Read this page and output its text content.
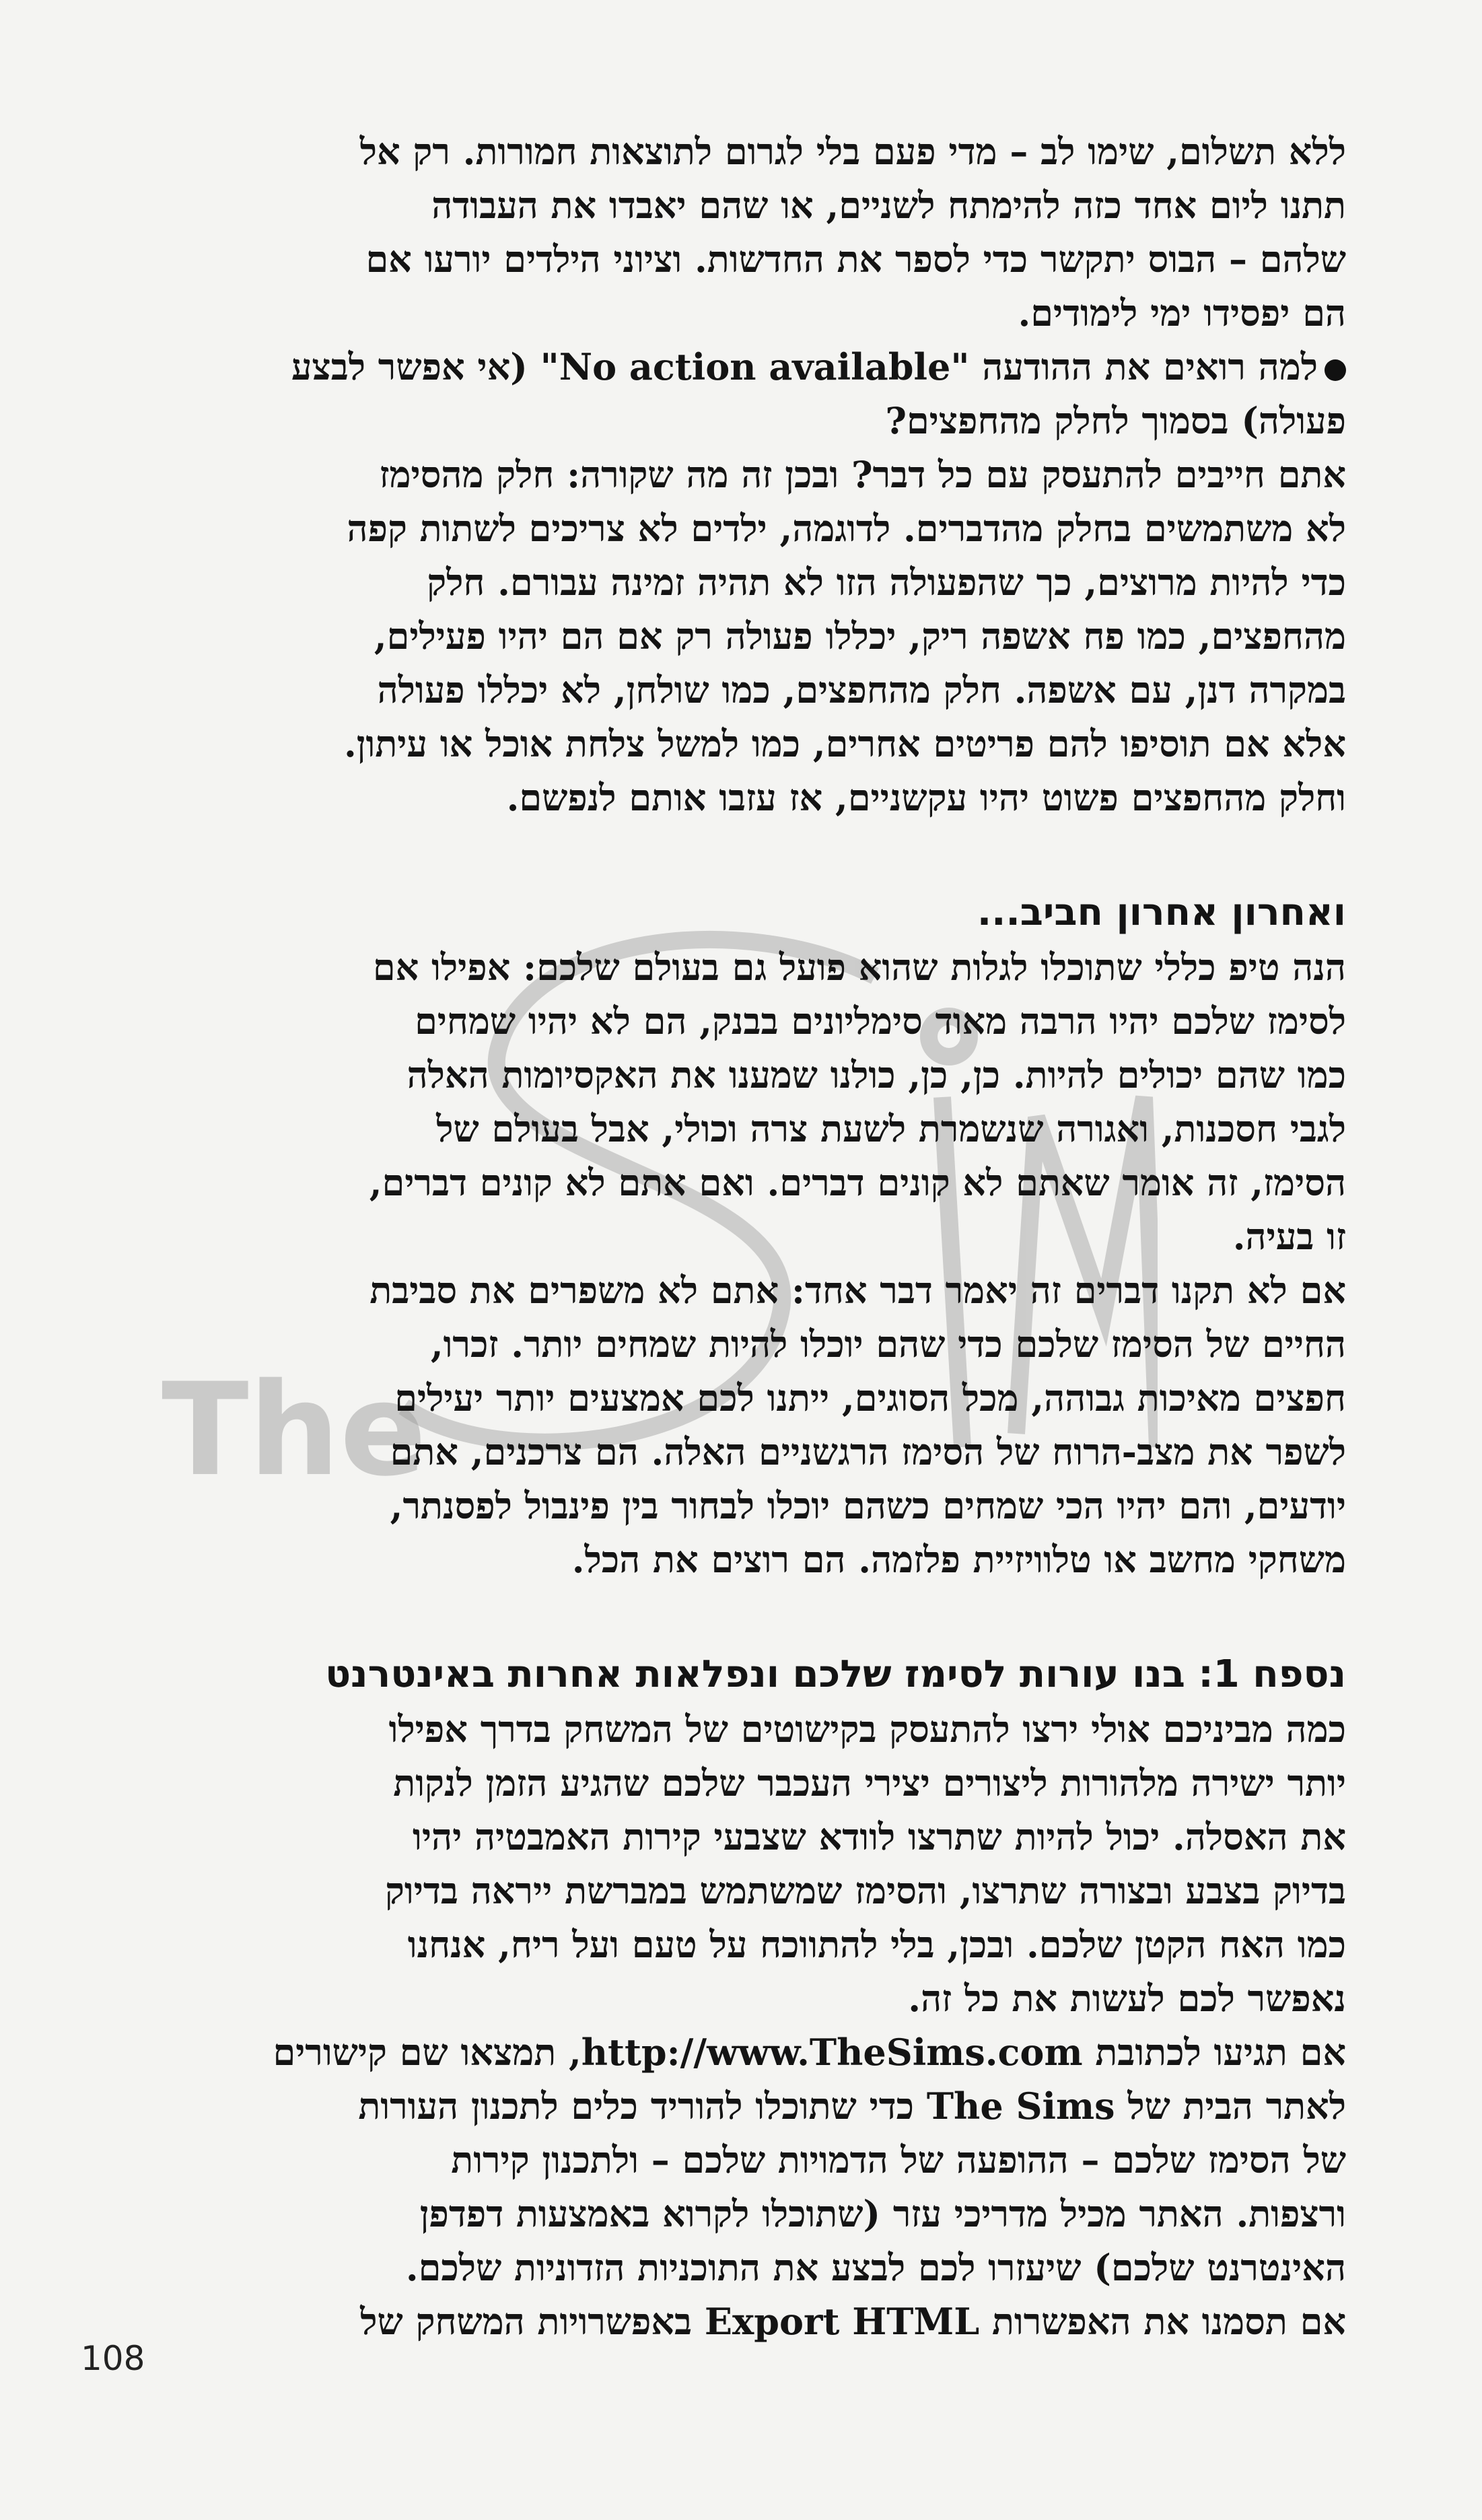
The
ללא תשלום, שימו לב – מדי פעם בלי לגרום לתוצאות חמורות. רק אל
תתנו ליום אחד כזה להימתח לשניים, או שהם יאבדו את העבודה
שלהם – הבוס יתקשר כדי לספר את החדשות. וציוני הילדים יורעו אם
הם יפסידו ימי לימודים.
למה רואים את ההודעה "No action available" (אי אפשר לבצע
פעולה) בסמוך לחלק מהחפצים?
אתם חייבים להתעסק עם כל דבר? ובכן זה מה שקורה: חלק מהסימז
לא משתמשים בחלק מהדברים. לדוגמה, ילדים לא צריכים לשתות קפה
כדי להיות מרוצים, כך שהפעולה הזו לא תהיה זמינה עבורם. חלק
מהחפצים, כמו פח אשפה ריק, יכללו פעולה רק אם הם יהיו פעילים,
במקרה דנן, עם אשפה. חלק מהחפצים, כמו שולחן, לא יכללו פעולה
אלא אם תוסיפו להם פריטים אחרים, כמו למשל צלחת אוכל או עיתון.
וחלק מהחפצים פשוט יהיו עקשניים, אז עזבו אותם לנפשם.
ואחרון אחרון חביב...
הנה טיפ כללי שתוכלו לגלות שהוא פועל גם בעולם שלכם: אפילו אם
לסימז שלכם יהיו הרבה מאוד סימליונים בבנק, הם לא יהיו שמחים
כמו שהם יכולים להיות. כן, כן, כולנו שמענו את האקסיומות האלה
לגבי חסכנות, ואגורה שנשמרת לשעת צרה וכולי, אבל בעולם של
הסימז, זה אומר שאתם לא קונים דברים. ואם אתם לא קונים דברים,
זו בעיה.
אם לא תקנו דברים זה יאמר דבר אחד: אתם לא משפרים את סביבת
החיים של הסימז שלכם כדי שהם יוכלו להיות שמחים יותר. זכרו,
חפצים מאיכות גבוהה, מכל הסוגים, ייתנו לכם אמצעים יותר יעילים
לשפר את מצב-הרוח של הסימז הרגשניים האלה. הם צרכנים, אתם
יודעים, והם יהיו הכי שמחים כשהם יוכלו לבחור בין פינבול לפסנתר,
משחקי מחשב או טלוויזיית פלזמה. הם רוצים את הכל.
נספח 1: בנו עורות לסימז שלכם ונפלאות אחרות באינטרנט
כמה מביניכם אולי ירצו להתעסק בקישוטים של המשחק בדרך אפילו
יותר ישירה מלהורות ליצורים יצירי העכבר שלכם שהגיע הזמן לנקות
את האסלה. יכול להיות שתרצו לוודא שצבעי קירות האמבטיה יהיו
בדיוק בצבע ובצורה שתרצו, והסימז שמשתמש במברשת ייראה בדיוק
כמו האח הקטן שלכם. ובכן, בלי להתווכח על טעם ועל ריח, אנחנו
נאפשר לכם לעשות את כל זה.
אם תגיעו לכתובת http://www.TheSims.com, תמצאו שם קישורים
לאתר הבית של The Sims כדי שתוכלו להוריד כלים לתכנון העורות
של הסימז שלכם – ההופעה של הדמויות שלכם – ולתכנון קירות
ורצפות. האתר מכיל מדריכי עזר (שתוכלו לקרוא באמצעות דפדפן
האינטרנט שלכם) שיעזרו לכם לבצע את התוכניות הזדוניות שלכם.
אם תסמנו את האפשרות Export HTML באפשרויות המשחק של
108
